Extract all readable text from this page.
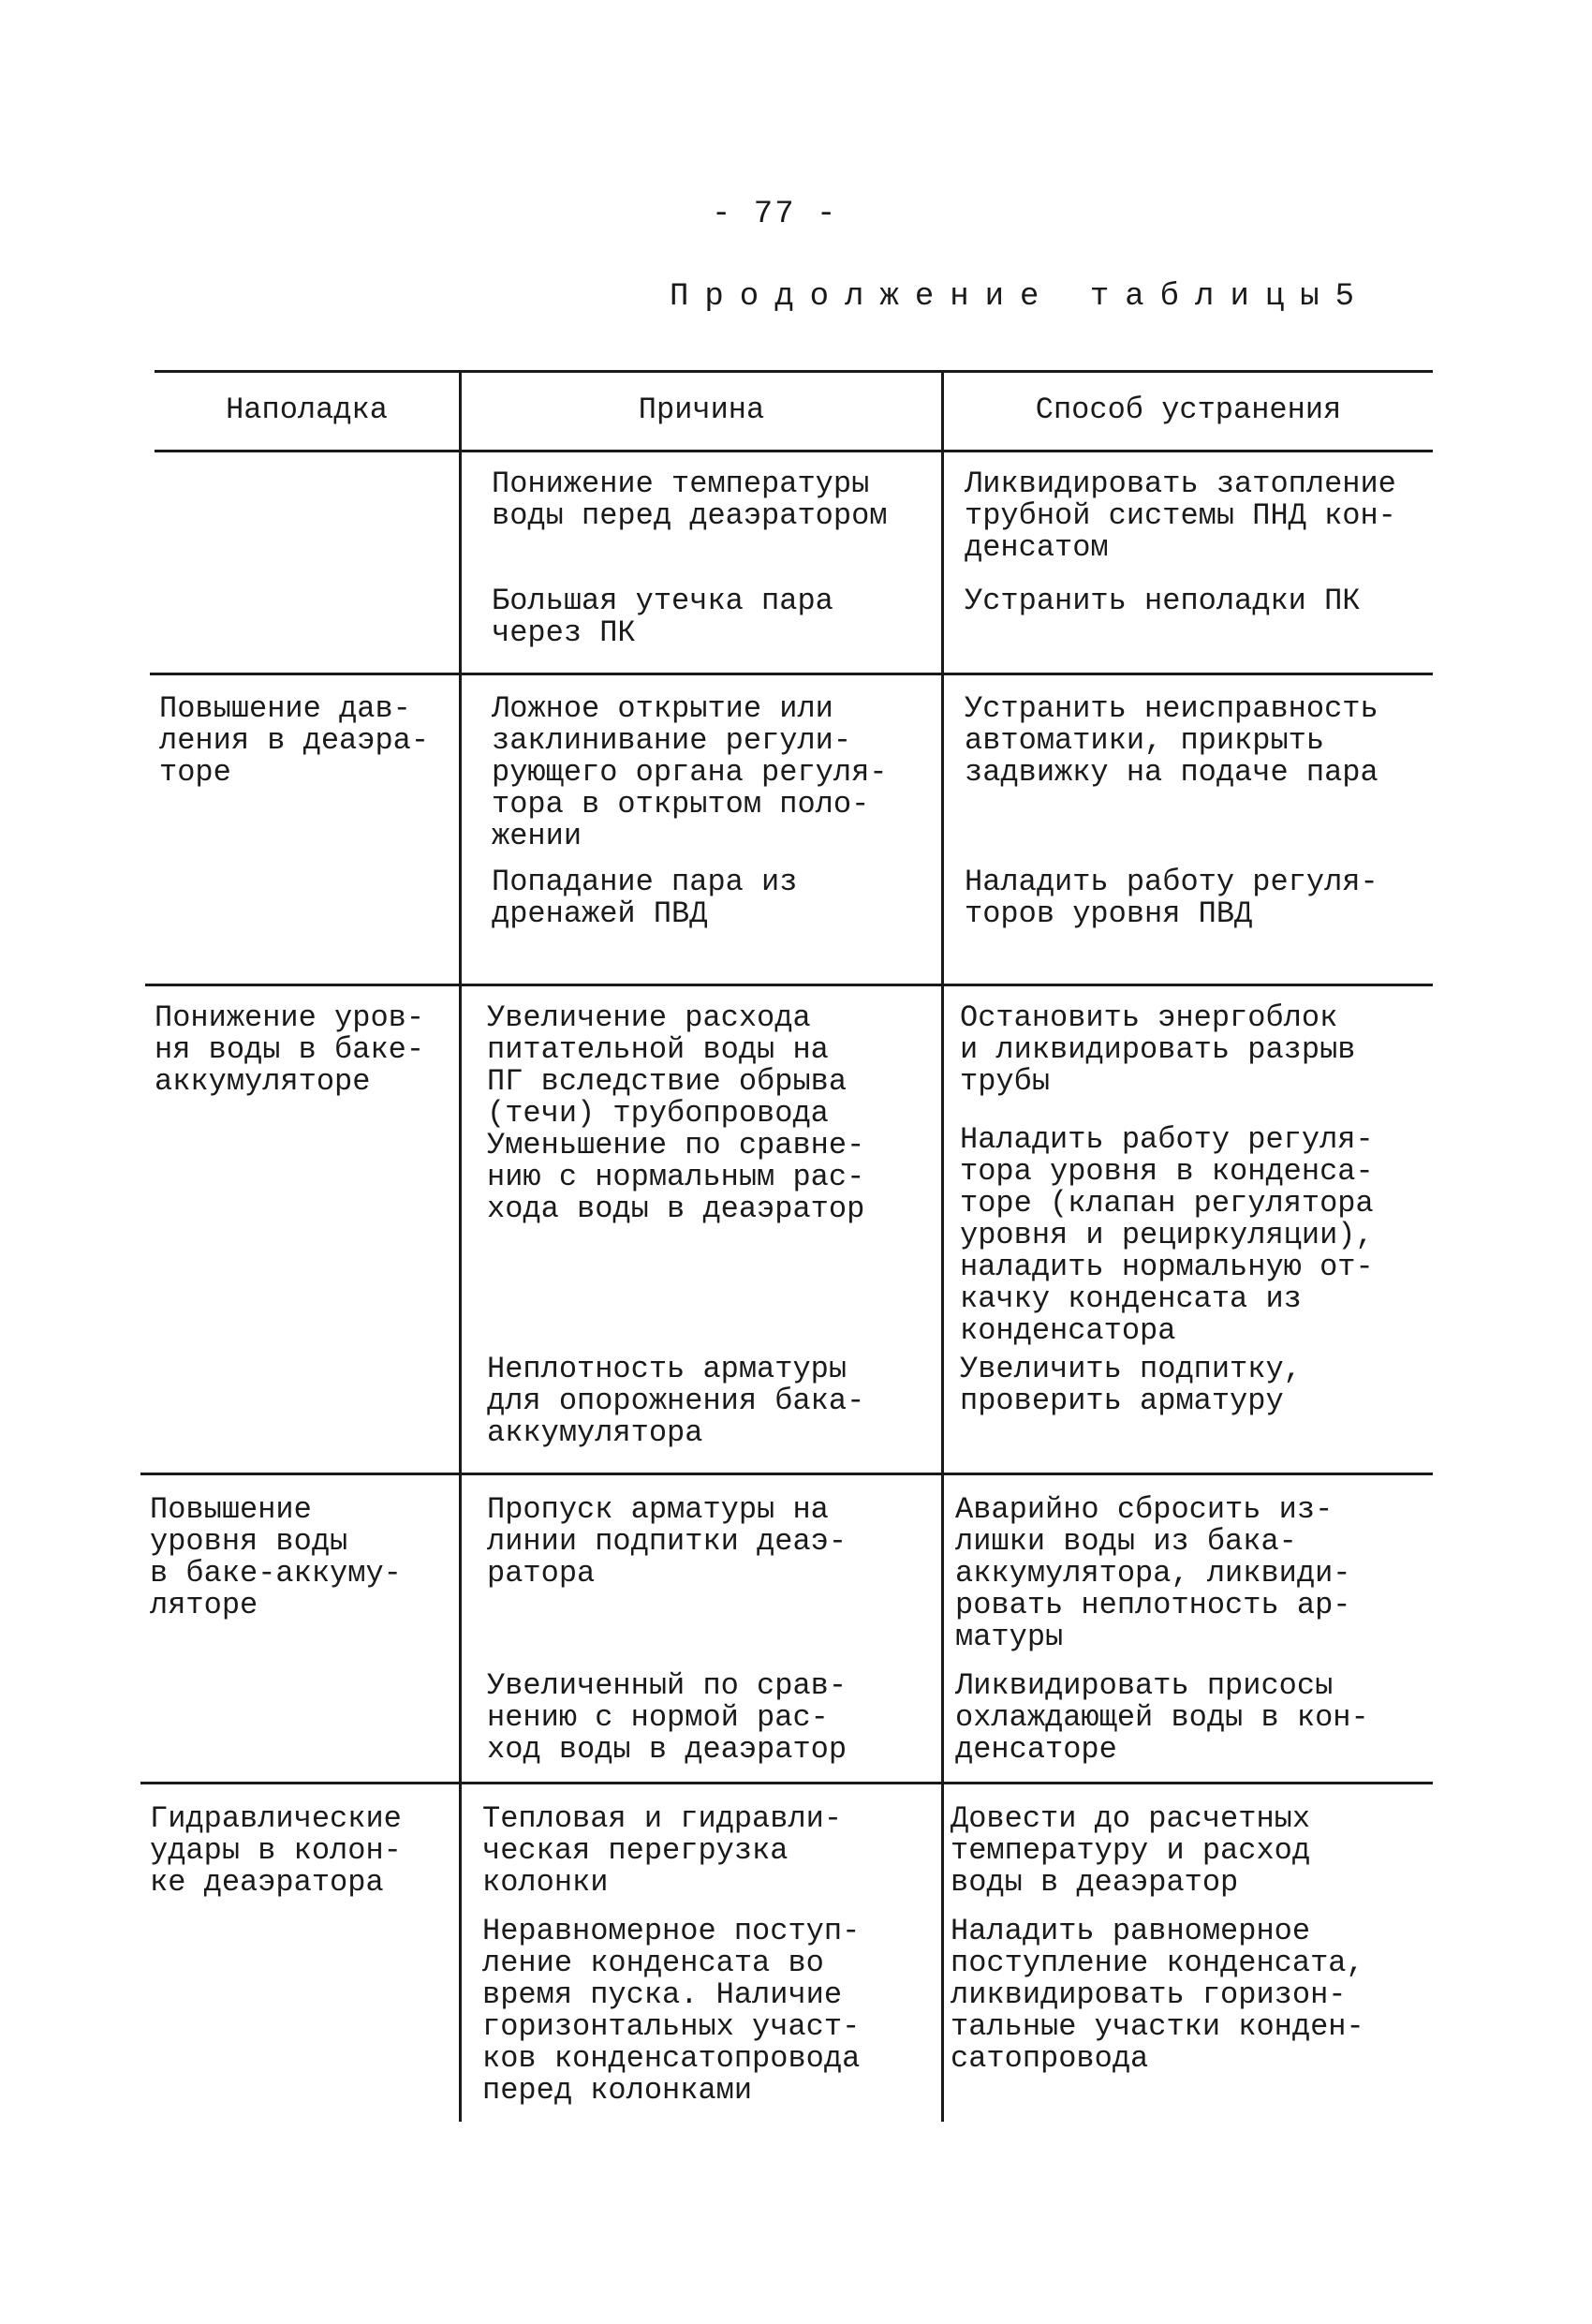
- 77 -
Продолжение таблицы5
Наполадка	Причина	Способ устранения
Понижение температуры
воды перед деаэратором
Ликвидировать затопление
трубной системы ПНД кон-
денсатом
Большая утечка пара
через ПК
Устранить неполадки ПК
Повышение дав-
ления в деаэра-
торе
Ложное открытие или
заклинивание регули-
рующего органа регуля-
тора в открытом поло-
жении
Устранить неисправность
автоматики, прикрыть
задвижку на подаче пара
Попадание пара из
дренажей ПВД
Наладить работу регуля-
торов уровня ПВД
Понижение уров-
ня воды в баке-
аккумуляторе
Увеличение расхода
питательной воды на
ПГ вследствие обрыва
(течи) трубопровода
Уменьшение по сравне-
нию с нормальным рас-
хода воды в деаэратор
Остановить энергоблок
и ликвидировать разрыв
трубы
Наладить работу регуля-
тора уровня в конденса-
торе (клапан регулятора
уровня и рециркуляции),
наладить нормальную от-
качку конденсата из
конденсатора
Неплотность арматуры
для опорожнения бака-
аккумулятора
Увеличить подпитку,
проверить арматуру
Повышение
уровня воды
в баке-аккуму-
ляторе
Пропуск арматуры на
линии подпитки деаэ-
ратора
Аварийно сбросить из-
лишки воды из бака-
аккумулятора, ликвиди-
ровать неплотность ар-
матуры
Увеличенный по срав-
нению с нормой рас-
ход воды в деаэратор
Ликвидировать присосы
охлаждающей воды в кон-
денсаторе
Гидравлические
удары в колон-
ке деаэратора
Тепловая и гидравли-
ческая перегрузка
колонки
Довести до расчетных
температуру и расход
воды в деаэратор
Неравномерное поступ-
ление конденсата во
время пуска. Наличие
горизонтальных участ-
ков конденсатопровода
перед колонками
Наладить равномерное
поступление конденсата,
ликвидировать горизон-
тальные участки конден-
сатопровода
